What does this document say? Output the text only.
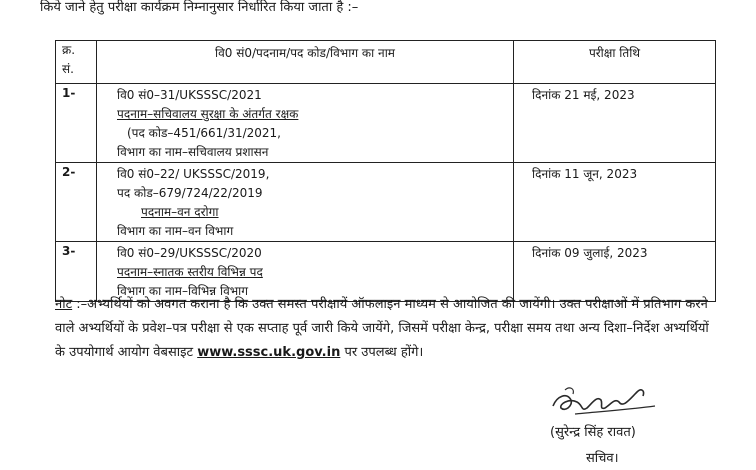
किये जाने हेतु परीक्षा कार्यक्रम निम्नानुसार निर्धारित किया जाता है :–
क्र.
सं.	वि0 सं0/पदनाम/पद कोड/विभाग का नाम	परीक्षा तिथि
1-	वि0 सं0–31/UKSSSC/2021
पदनाम–सचिवालय सुरक्षा के अंतर्गत रक्षक
(पद कोड–451/661/31/2021,
विभाग का नाम–सचिवालय प्रशासन	दिनांक 21 मई, 2023
2-	वि0 सं0–22/ UKSSSC/2019,
पद कोड–679/724/22/2019
पदनाम–वन दरोगा
विभाग का नाम–वन विभाग	दिनांक 11 जून, 2023
3-	वि0 सं0–29/UKSSSC/2020
पदनाम–स्नातक स्तरीय विभिन्न पद
विभाग का नाम–विभिन्न विभाग	दिनांक 09 जुलाई, 2023
नोट :–अभ्यर्थियों को अवगत कराना है कि उक्त समस्त परीक्षायें ऑफलाइन माध्यम से आयोजित की जायेंगी। उक्त परीक्षाओं में प्रतिभाग करने वाले अभ्यर्थियों के प्रवेश–पत्र परीक्षा से एक सप्ताह पूर्व जारी किये जायेंगे, जिसमें परीक्षा केन्द्र, परीक्षा समय तथा अन्य दिशा–निर्देश अभ्यर्थियों के उपयोगार्थ आयोग वेबसाइट www.sssc.uk.gov.in पर उपलब्ध होंगे।
(सुरेन्द्र सिंह रावत)
सचिव।
